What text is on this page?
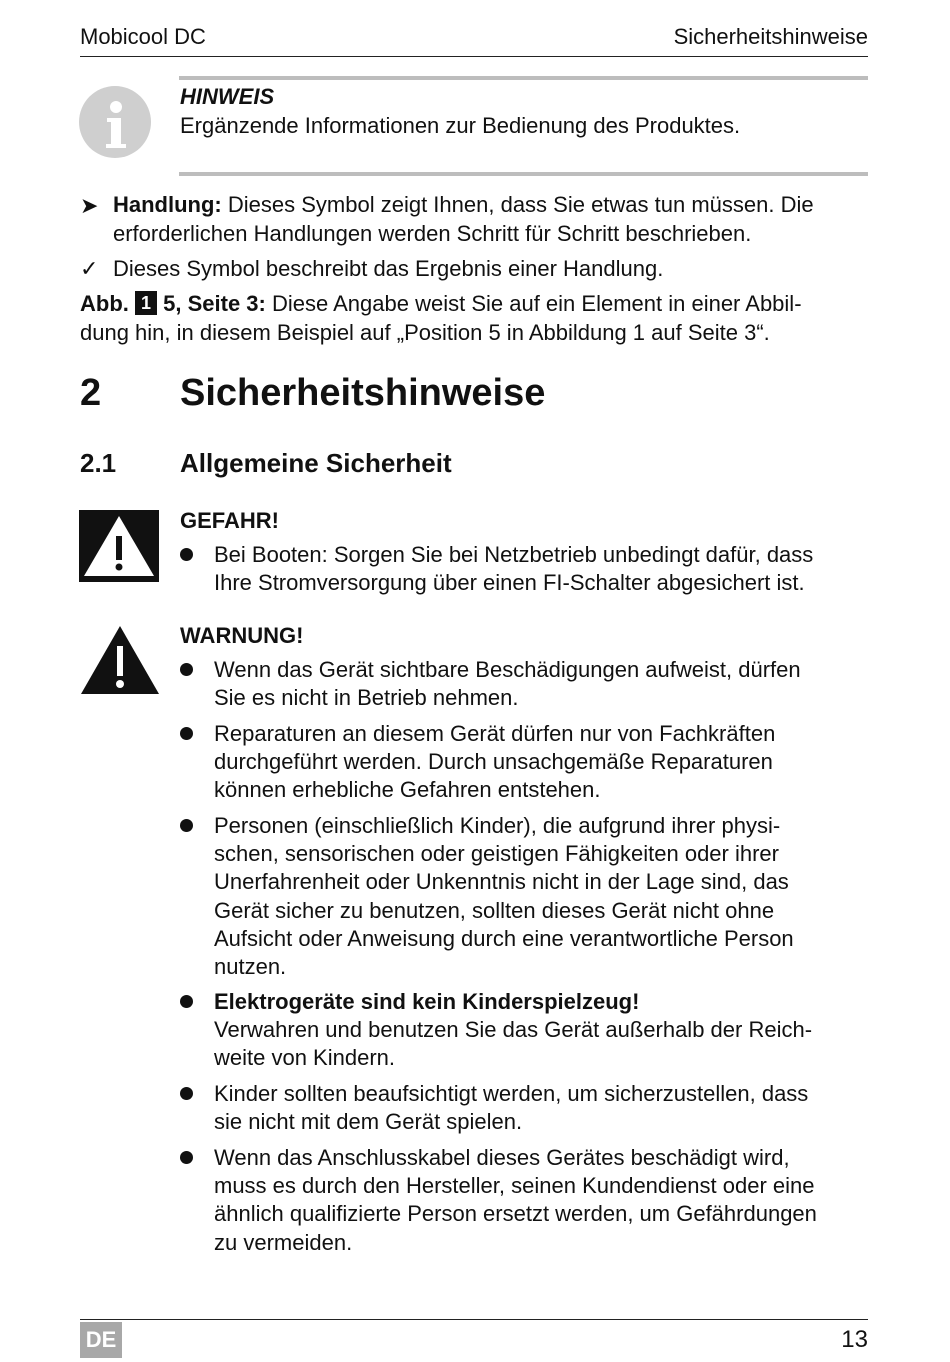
Mobicool DC	Sicherheitshinweise
HINWEIS
Ergänzende Informationen zur Bedienung des Produktes.
➤ Handlung: Dieses Symbol zeigt Ihnen, dass Sie etwas tun müssen. Die
erforderlichen Handlungen werden Schritt für Schritt beschrieben.
✓ Dieses Symbol beschreibt das Ergebnis einer Handlung.
Abb. 1 5, Seite 3: Diese Angabe weist Sie auf ein Element in einer Abbil-
dung hin, in diesem Beispiel auf „Position 5 in Abbildung 1 auf Seite 3“.
2 Sicherheitshinweise
2.1 Allgemeine Sicherheit
GEFAHR!
Bei Booten: Sorgen Sie bei Netzbetrieb unbedingt dafür, dass
Ihre Stromversorgung über einen FI-Schalter abgesichert ist.
WARNUNG!
Wenn das Gerät sichtbare Beschädigungen aufweist, dürfen
Sie es nicht in Betrieb nehmen.
Reparaturen an diesem Gerät dürfen nur von Fachkräften
durchgeführt werden. Durch unsachgemäße Reparaturen
können erhebliche Gefahren entstehen.
Personen (einschließlich Kinder), die aufgrund ihrer physi-
schen, sensorischen oder geistigen Fähigkeiten oder ihrer
Unerfahrenheit oder Unkenntnis nicht in der Lage sind, das
Gerät sicher zu benutzen, sollten dieses Gerät nicht ohne
Aufsicht oder Anweisung durch eine verantwortliche Person
nutzen.
Elektrogeräte sind kein Kinderspielzeug!
Verwahren und benutzen Sie das Gerät außerhalb der Reich-
weite von Kindern.
Kinder sollten beaufsichtigt werden, um sicherzustellen, dass
sie nicht mit dem Gerät spielen.
Wenn das Anschlusskabel dieses Gerätes beschädigt wird,
muss es durch den Hersteller, seinen Kundendienst oder eine
ähnlich qualifizierte Person ersetzt werden, um Gefährdungen
zu vermeiden.
DE	13
